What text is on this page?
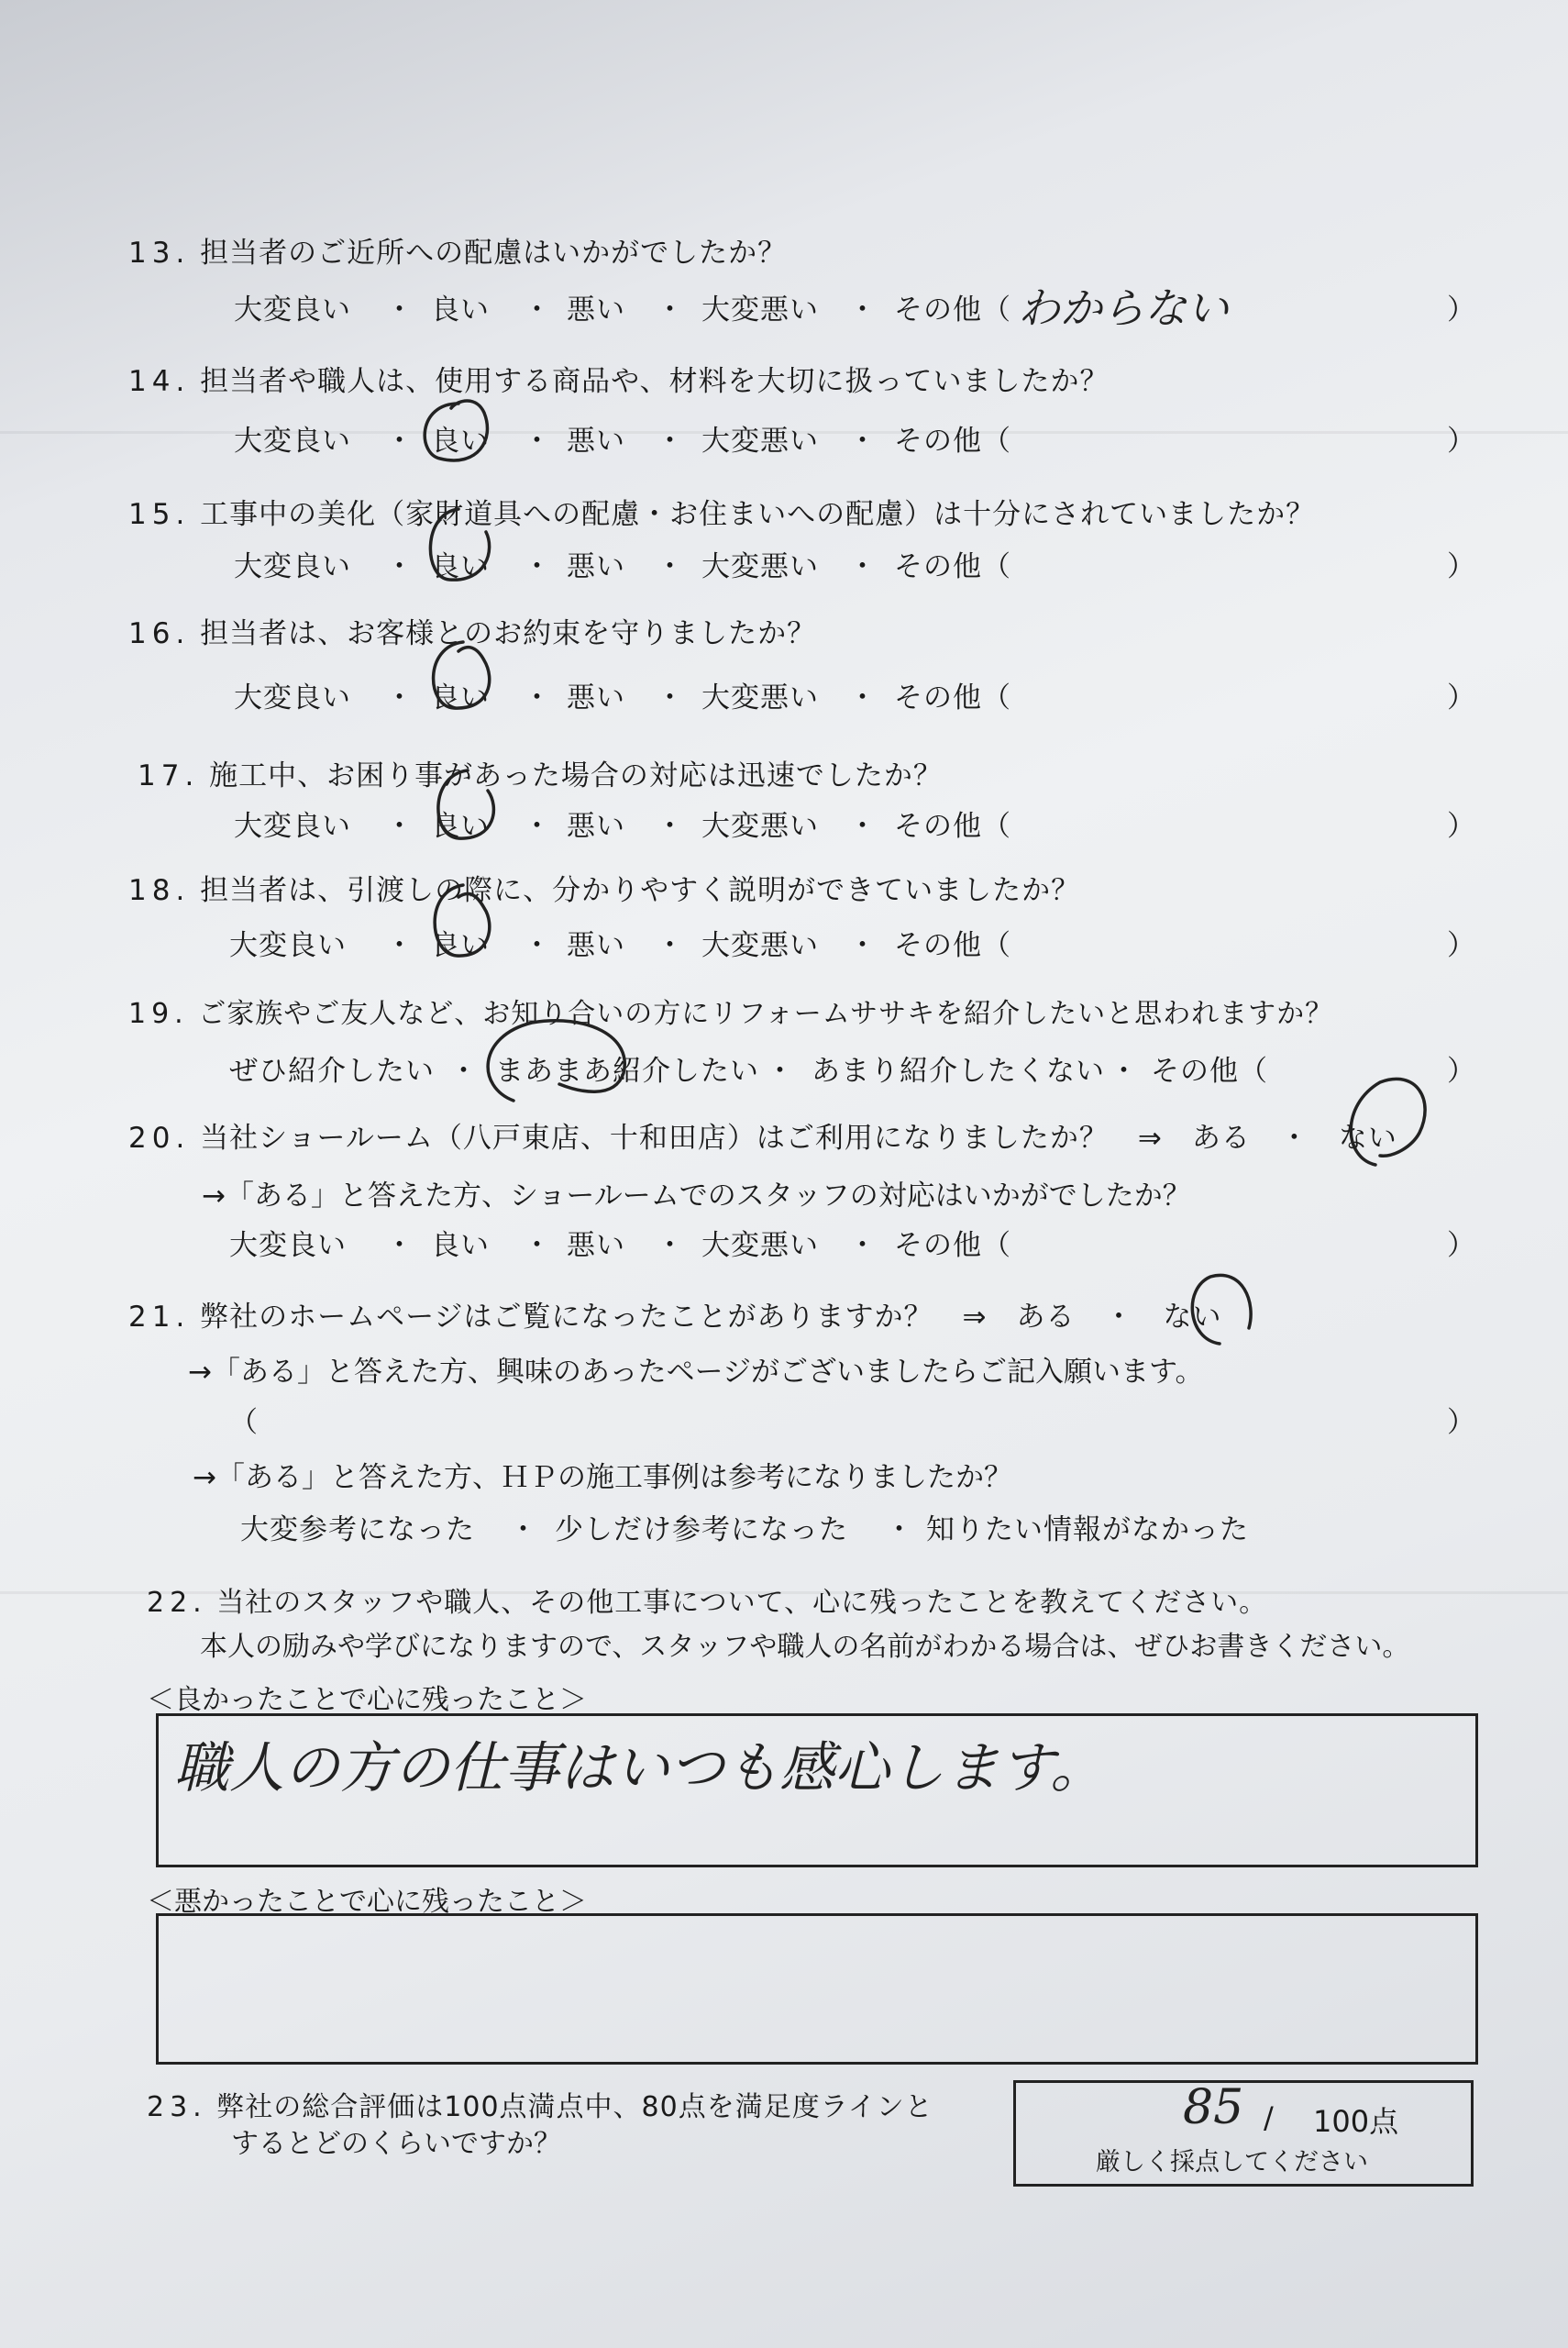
13. 担当者のご近所への配慮はいかがでしたか？
大変良い ・ 良い ・ 悪い ・ 大変悪い ・ その他（	）
わからない
14. 担当者や職人は、使用する商品や、材料を大切に扱っていましたか？
大変良い ・ 良い ・ 悪い ・ 大変悪い ・ その他（	）
15. 工事中の美化（家財道具への配慮・お住まいへの配慮）は十分にされていましたか？
大変良い ・ 良い ・ 悪い ・ 大変悪い ・ その他（	）
16. 担当者は、お客様とのお約束を守りましたか？
大変良い ・ 良い ・ 悪い ・ 大変悪い ・ その他（	）
17. 施工中、お困り事があった場合の対応は迅速でしたか？
大変良い ・ 良い ・ 悪い ・ 大変悪い ・ その他（	）
18. 担当者は、引渡しの際に、分かりやすく説明ができていましたか？
大変良い ・ 良い ・ 悪い ・ 大変悪い ・ その他（	）
19. ご家族やご友人など、お知り合いの方にリフォームササキを紹介したいと思われますか？
ぜひ紹介したい ・ まあまあ紹介したい ・ あまり紹介したくない ・ その他（	）
20. 当社ショールーム（八戸東店、十和田店）はご利用になりましたか？　⇒　ある　・　ない
→「ある」と答えた方、ショールームでのスタッフの対応はいかがでしたか？
大変良い ・ 良い ・ 悪い ・ 大変悪い ・ その他（	）
21. 弊社のホームページはご覧になったことがありますか？　⇒　ある　・　ない
→「ある」と答えた方、興味のあったページがございましたらご記入願います。
（	）
→「ある」と答えた方、ＨＰの施工事例は参考になりましたか？
大変参考になった ・ 少しだけ参考になった ・ 知りたい情報がなかった
22. 当社のスタッフや職人、その他工事について、心に残ったことを教えてください。
本人の励みや学びになりますので、スタッフや職人の名前がわかる場合は、ぜひお書きください。
＜良かったことで心に残ったこと＞
職人の方の仕事はいつも感心します。
＜悪かったことで心に残ったこと＞
23. 弊社の総合評価は100点満点中、80点を満足度ラインと
するとどのくらいですか？
85 / 100点
厳しく採点してください
